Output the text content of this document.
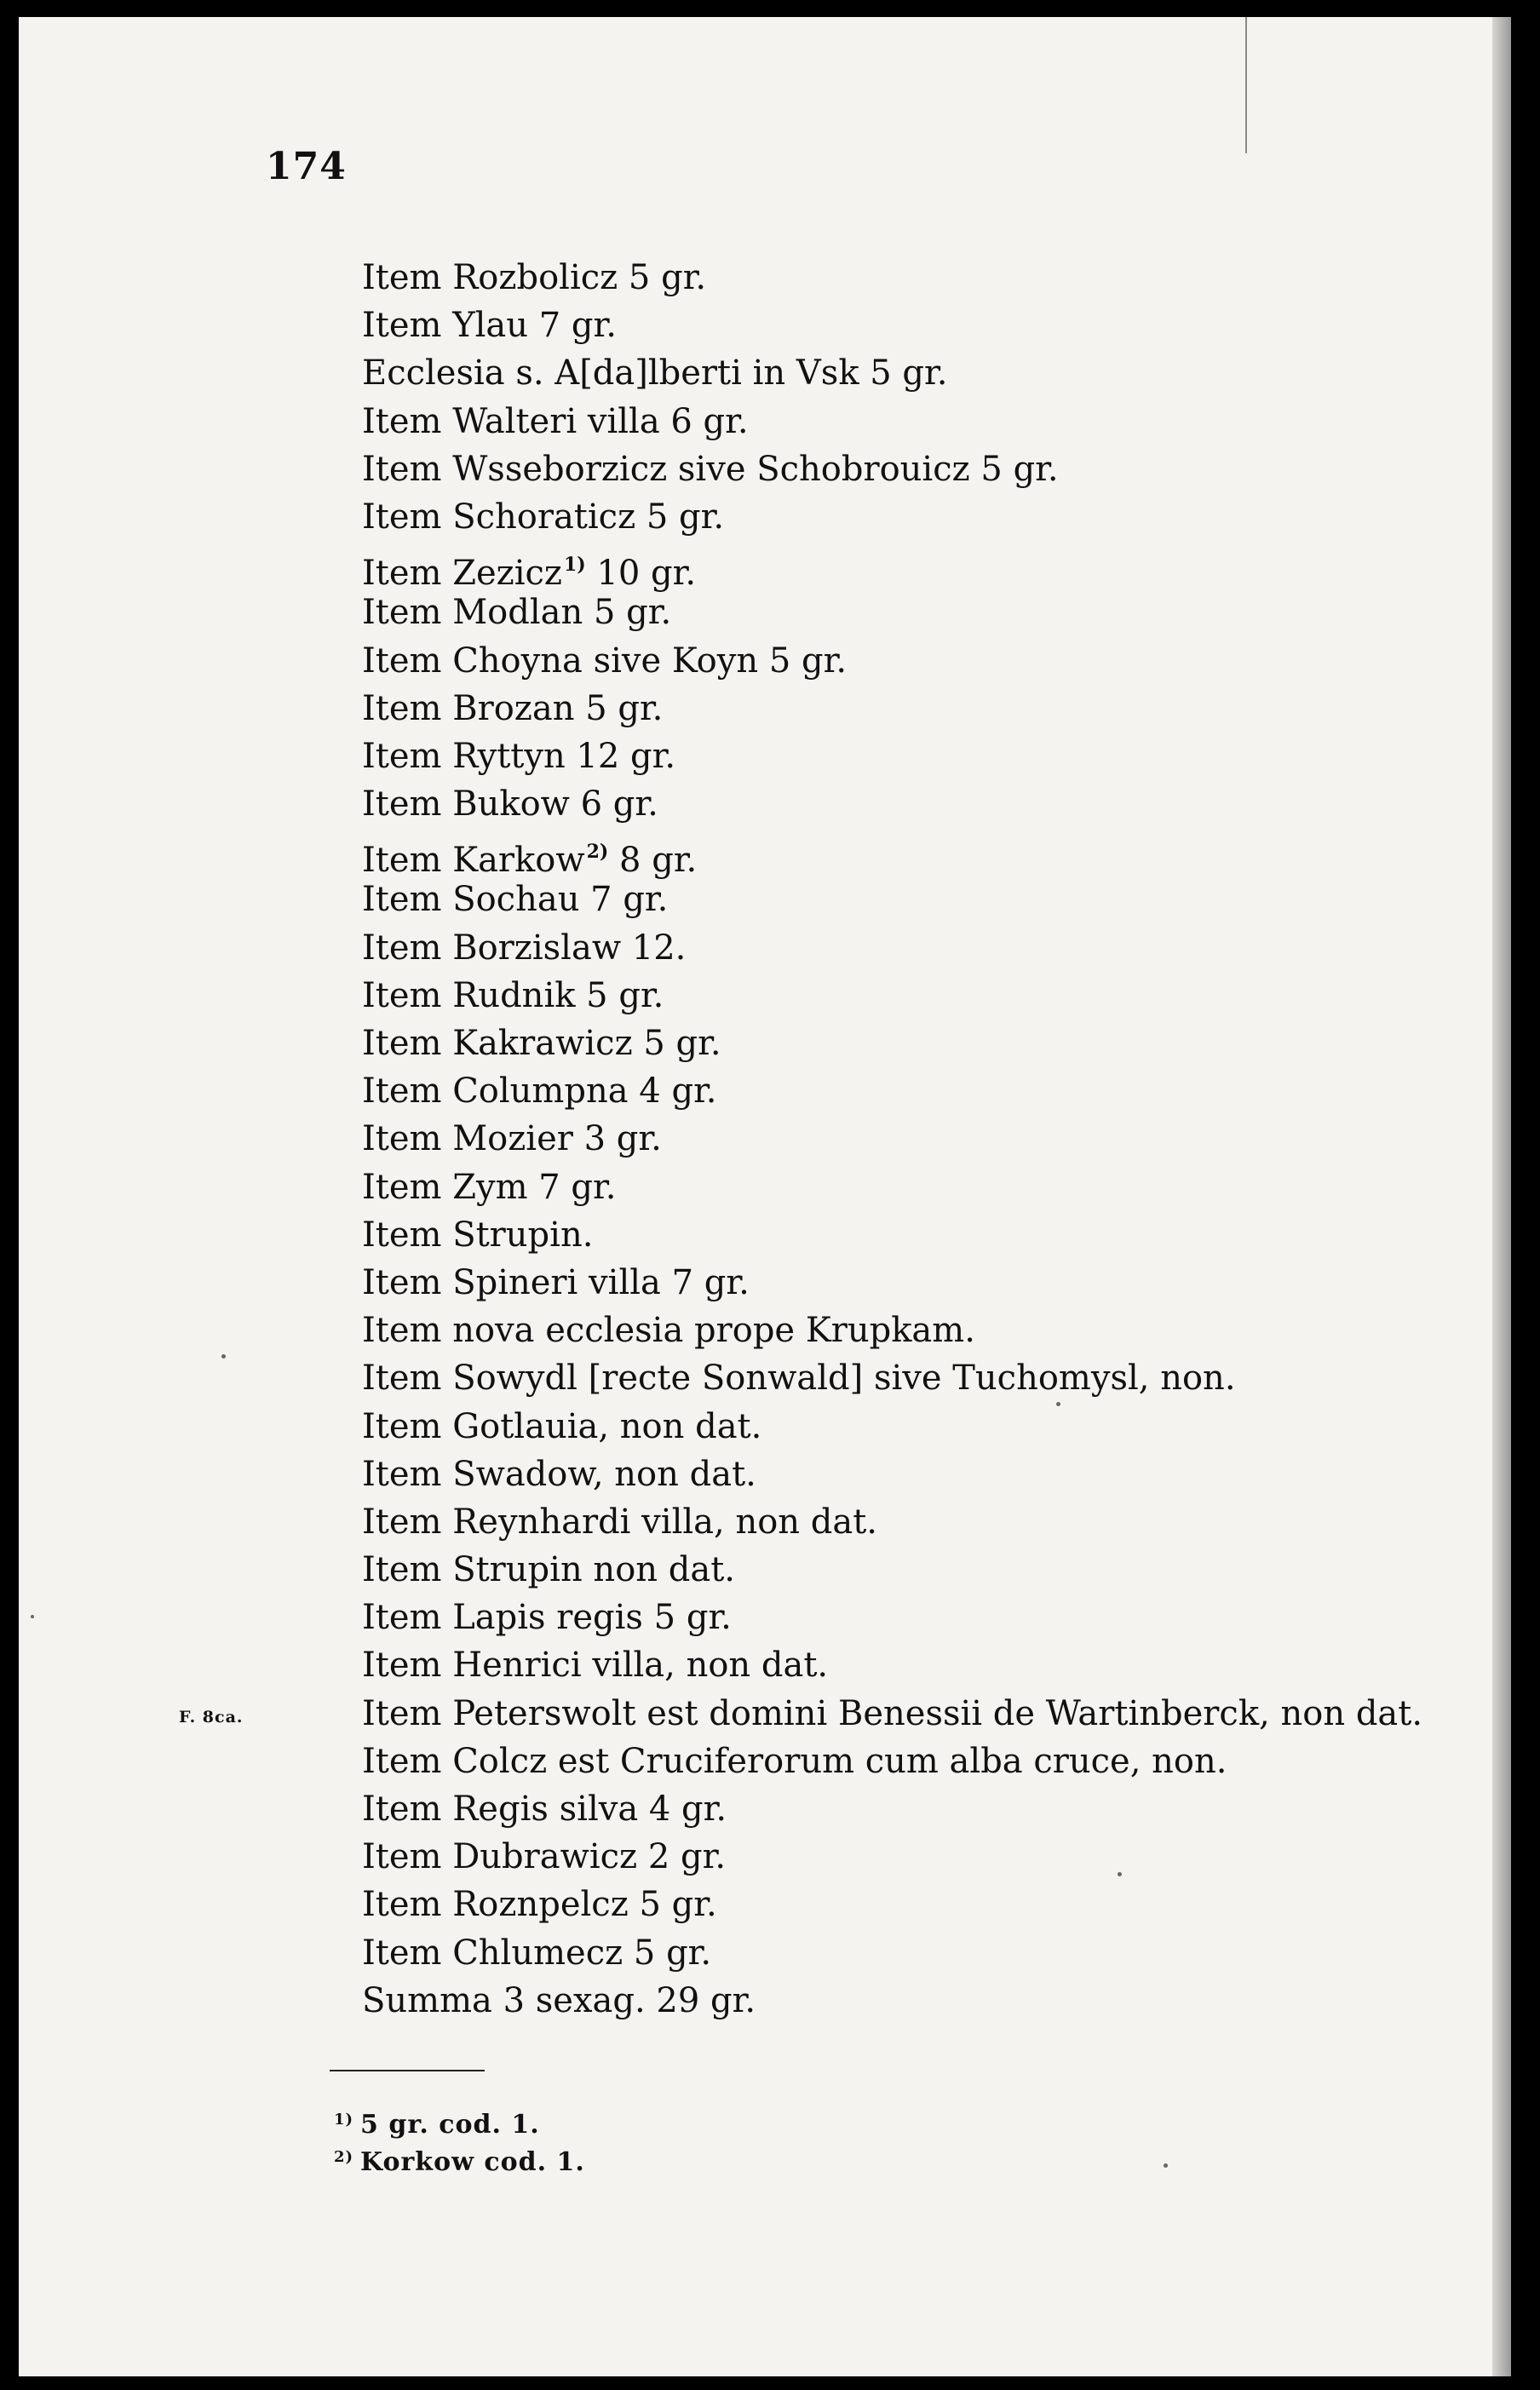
174
Item Rozbolicz 5 gr.
Item Ylau 7 gr.
Ecclesia s. A[da]lberti in Vsk 5 gr.
Item Walteri villa 6 gr.
Item Wsseborzicz sive Schobrouicz 5 gr.
Item Schoraticz 5 gr.
Item Zezicz$^{1)}$ 10 gr.
Item Modlan 5 gr.
Item Choyna sive Koyn 5 gr.
Item Brozan 5 gr.
Item Ryttyn 12 gr.
Item Bukow 6 gr.
Item Karkow$^{2)}$ 8 gr.
Item Sochau 7 gr.
Item Borzislaw 12.
Item Rudnik 5 gr.
Item Kakrawicz 5 gr.
Item Columpna 4 gr.
Item Mozier 3 gr.
Item Zym 7 gr.
Item Strupin.
Item Spineri villa 7 gr.
Item nova ecclesia prope Krupkam.
Item Sowydl [recte Sonwald] sive Tuchomysl, non.
Item Gotlauia, non dat.
Item Swadow, non dat.
Item Reynhardi villa, non dat.
Item Strupin non dat.
Item Lapis regis 5 gr.
Item Henrici villa, non dat.
Item Peterswolt est domini Benessii de Wartinberck, non dat.
Item Colcz est Cruciferorum cum alba cruce, non.
Item Regis silva 4 gr.
Item Dubrawicz 2 gr.
Item Roznpelcz 5 gr.
Item Chlumecz 5 gr.
Summa 3 sexag. 29 gr.
F. 8ca.
$^{1)}$ 5 gr. cod. 1.
$^{2)}$ Korkow cod. 1.
